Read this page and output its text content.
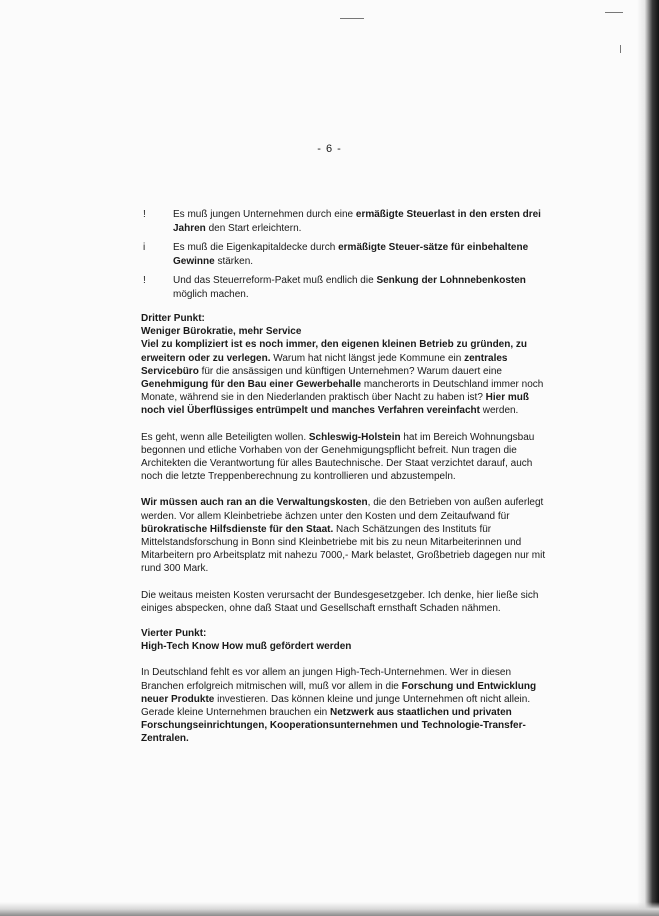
- 6 -
!	Es muß jungen Unternehmen durch eine ermäßigte Steuerlast in den ersten drei Jahren den Start erleichtern.
i	Es muß die Eigenkapitaldecke durch ermäßigte Steuer-sätze für einbehaltene Gewinne stärken.
!	Und das Steuerreform-Paket muß endlich die Senkung der Lohnnebenkosten möglich machen.
Dritter Punkt:
Weniger Bürokratie, mehr Service

Viel zu kompliziert ist es noch immer, den eigenen kleinen Betrieb zu gründen, zu erweitern oder zu verlegen. Warum hat nicht längst jede Kommune ein zentrales Servicebüro für die ansässigen und künftigen Unternehmen? Warum dauert eine Genehmigung für den Bau einer Gewerbehalle mancherorts in Deutschland immer noch Monate, während sie in den Niederlanden praktisch über Nacht zu haben ist? Hier muß noch viel Überflüssiges entrümpelt und manches Verfahren vereinfacht werden.

Es geht, wenn alle Beteiligten wollen. Schleswig-Holstein hat im Bereich Wohnungsbau begonnen und etliche Vorhaben von der Genehmigungspflicht befreit. Nun tragen die Architekten die Verantwortung für alles Bautechnische. Der Staat verzichtet darauf, auch noch die letzte Treppenberechnung zu kontrollieren und abzustempeln.

Wir müssen auch ran an die Verwaltungskosten, die den Betrieben von außen auferlegt werden. Vor allem Kleinbetriebe ächzen unter den Kosten und dem Zeitaufwand für bürokratische Hilfsdienste für den Staat. Nach Schätzungen des Instituts für Mittelstandsforschung in Bonn sind Kleinbetriebe mit bis zu neun Mitarbeiterinnen und Mitarbeitern pro Arbeitsplatz mit nahezu 7000,- Mark belastet, Großbetrieb dagegen nur mit rund 300 Mark.

Die weitaus meisten Kosten verursacht der Bundesgesetzgeber. Ich denke, hier ließe sich einiges abspecken, ohne daß Staat und Gesellschaft ernsthaft Schaden nähmen.

Vierter Punkt:
High-Tech Know How muß gefördert werden

In Deutschland fehlt es vor allem an jungen High-Tech-Unternehmen. Wer in diesen Branchen erfolgreich mitmischen will, muß vor allem in die Forschung und Entwicklung neuer Produkte investieren. Das können kleine und junge Unternehmen oft nicht allein. Gerade kleine Unternehmen brauchen ein Netzwerk aus staatlichen und privaten Forschungseinrichtungen, Kooperationsunternehmen und Technologie-Transfer-Zentralen.
